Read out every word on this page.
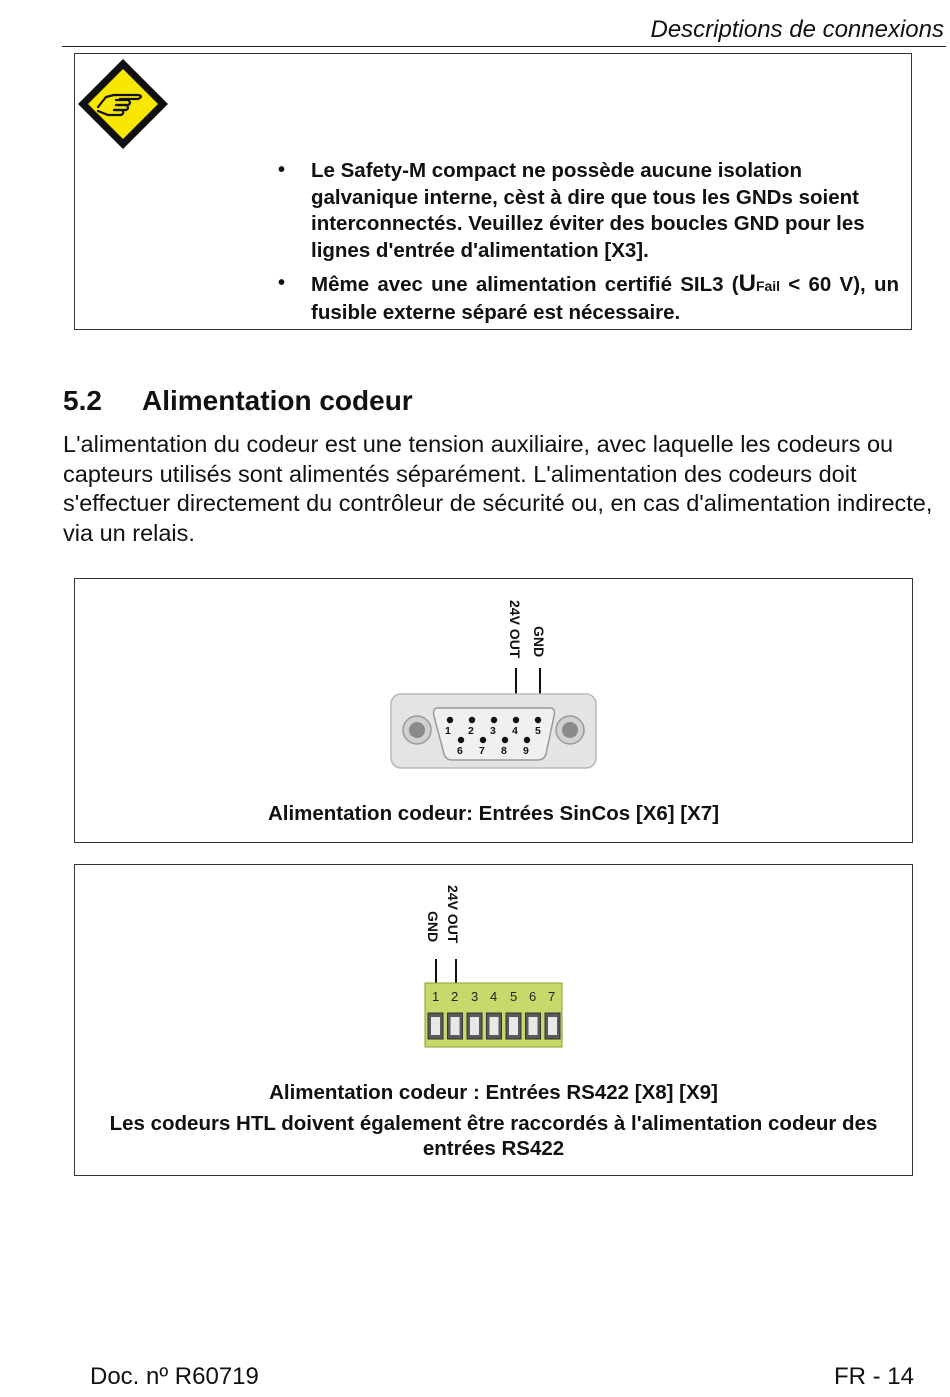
Descriptions de connexions
• Le Safety-M compact ne possède aucune isolation galvanique interne, cèst à dire que tous les GNDs soient interconnectés. Veuillez éviter des boucles GND pour les lignes d'entrée d'alimentation [X3].
• Même avec une alimentation certifié SIL3 (UFail < 60 V), un fusible externe séparé est nécessaire.
5.2 Alimentation codeur
L'alimentation du codeur est une tension auxiliaire, avec laquelle les codeurs ou capteurs utilisés sont alimentés séparément. L'alimentation des codeurs doit s'effectuer directement du contrôleur de sécurité ou, en cas d'alimentation indirecte, via un relais.
Alimentation codeur: Entrées SinCos [X6] [X7]
24V OUT GND
1 2 3 4 5
6 7 8 9
Alimentation codeur : Entrées RS422 [X8] [X9]
Les codeurs HTL doivent également être raccordés à l'alimentation codeur des entrées RS422
GND 24V OUT
1 2 3 4 5 6 7
Doc. nº R60719	FR - 14
